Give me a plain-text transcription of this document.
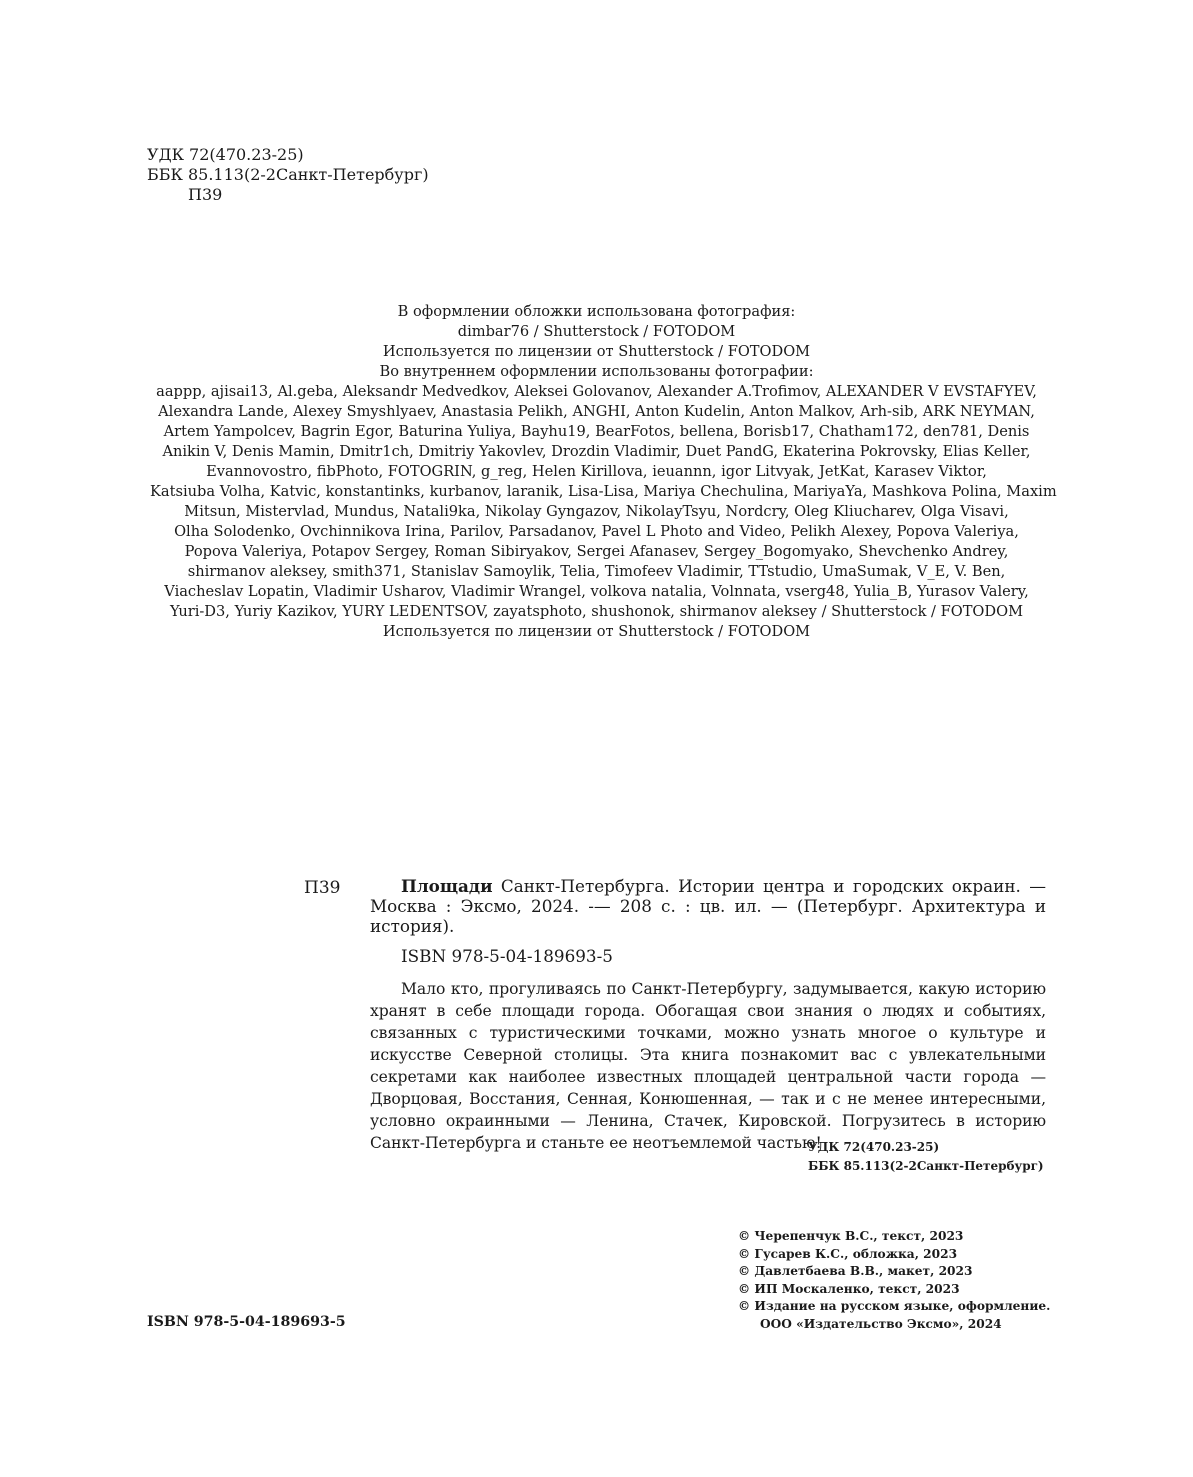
УДК 72(470.23-25)
ББК 85.113(2-2Санкт-Петербург)
П39
В оформлении обложки использована фотография:
dimbar76 / Shutterstock / FOTODOM
Используется по лицензии от Shutterstock / FOTODOM
Во внутреннем оформлении использованы фотографии:
aappp, ajisai13, Al.geba, Aleksandr Medvedkov, Aleksei Golovanov, Alexander A.Trofimov, ALEXANDER V EVSTAFYEV,
Alexandra Lande, Alexey Smyshlyaev, Anastasia Pelikh, ANGHI, Anton Kudelin, Anton Malkov, Arh-sib, ARK NEYMAN,
Artem Yampolcev, Bagrin Egor, Baturina Yuliya, Bayhu19, BearFotos, bellena, Borisb17, Chatham172, den781, Denis
Anikin V, Denis Mamin, Dmitr1ch, Dmitriy Yakovlev, Drozdin Vladimir, Duet PandG, Ekaterina Pokrovsky, Elias Keller,
Evannovostro, fibPhoto, FOTOGRIN, g_reg, Helen Kirillova, ieuannn, igor Litvyak, JetKat, Karasev Viktor,
Katsiuba Volha, Katvic, konstantinks, kurbanov, laranik, Lisa-Lisa, Mariya Chechulina, MariyaYa, Mashkova Polina, Maxim
Mitsun, Mistervlad, Mundus, Natali9ka, Nikolay Gyngazov, NikolayTsyu, Nordcry, Oleg Kliucharev, Olga Visavi,
Olha Solodenko, Ovchinnikova Irina, Parilov, Parsadanov, Pavel L Photo and Video, Pelikh Alexey, Popova Valeriya,
Popova Valeriya, Potapov Sergey, Roman Sibiryakov, Sergei Afanasev, Sergey_Bogomyako, Shevchenko Andrey,
shirmanov aleksey, smith371, Stanislav Samoylik, Telia, Timofeev Vladimir, TTstudio, UmaSumak, V_E, V. Ben,
Viacheslav Lopatin, Vladimir Usharov, Vladimir Wrangel, volkova natalia, Volnnata, vserg48, Yulia_B, Yurasov Valery,
Yuri-D3, Yuriy Kazikov, YURY LEDENTSOV, zayatsphoto, shushonok, shirmanov aleksey / Shutterstock / FOTODOM
Используется по лицензии от Shutterstock / FOTODOM
П39	Площади Санкт-Петербурга. Истории центра и городских окраин. — Москва : Эксмо, 2024. -— 208 с. : цв. ил. — (Петербург. Архитектура и история).

ISBN 978-5-04-189693-5

Мало кто, прогуливаясь по Санкт-Петербургу, задумывается, какую историю хранят в себе площади города. Обогащая свои знания о людях и событиях, связанных с туристическими точками, можно узнать многое о культуре и искусстве Северной столицы. Эта книга познакомит вас с увлекательными секретами как наиболее известных площадей центральной части города — Дворцовая, Восстания, Сенная, Конюшенная, — так и с не менее интересными, условно окраинными — Ленина, Стачек, Кировской. Погрузитесь в историю Санкт-Петербурга и станьте ее неотъемлемой частью!

УДК 72(470.23-25)
ББК 85.113(2-2Санкт-Петербург)
© Черепенчук В.С., текст, 2023
© Гусарев К.С., обложка, 2023
© Давлетбаева В.В., макет, 2023
© ИП Москаленко, текст, 2023
© Издание на русском языке, оформление.
ООО «Издательство Эксмо», 2024
ISBN 978-5-04-189693-5
